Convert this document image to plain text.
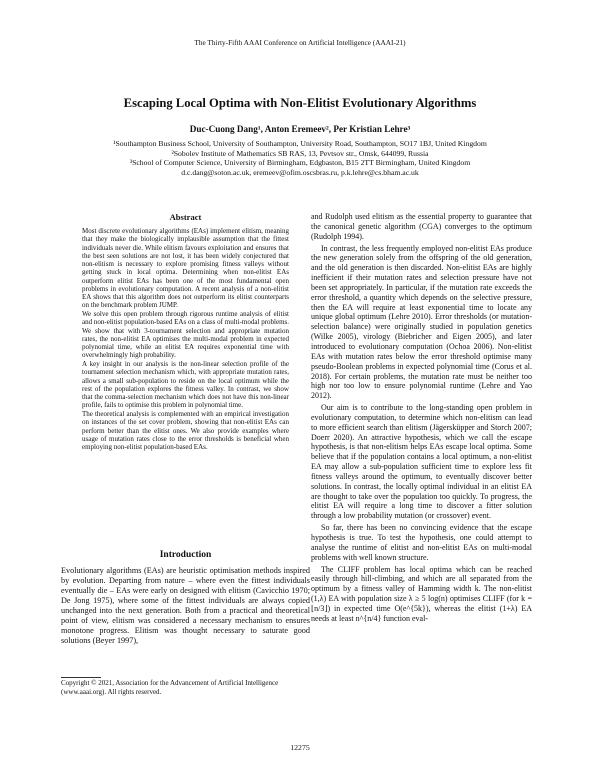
The Thirty-Fifth AAAI Conference on Artificial Intelligence (AAAI-21)
Escaping Local Optima with Non-Elitist Evolutionary Algorithms
Duc-Cuong Dang¹, Anton Eremeev², Per Kristian Lehre³
¹Southampton Business School, University of Southampton, University Road, Southampton, SO17 1BJ, United Kingdom
²Sobolev Institute of Mathematics SB RAS, 13, Pevtsov str., Omsk, 644099, Russia
³School of Computer Science, University of Birmingham, Edgbaston, B15 2TT Birmingham, United Kingdom
d.c.dang@soton.ac.uk, eremeev@ofim.oscsbras.ru, p.k.lehre@cs.bham.ac.uk
Abstract

Most discrete evolutionary algorithms (EAs) implement elitism, meaning that they make the biologically implausible assumption that the fittest individuals never die. While elitism favours exploitation and ensures that the best seen solutions are not lost, it has been widely conjectured that non-elitism is necessary to explore promising fitness valleys without getting stuck in local optima. Determining when non-elitist EAs outperform elitist EAs has been one of the most fundamental open problems in evolutionary computation. A recent analysis of a non-elitist EA shows that this algorithm does not outperform its elitist counterparts on the benchmark problem JUMP.

We solve this open problem through rigorous runtime analysis of elitist and non-elitist population-based EAs on a class of multi-modal problems. We show that with 3-tournament selection and appropriate mutation rates, the non-elitist EA optimises the multi-modal problem in expected polynomial time, while an elitist EA requires exponential time with overwhelmingly high probability.

A key insight in our analysis is the non-linear selection profile of the tournament selection mechanism which, with appropriate mutation rates, allows a small sub-population to reside on the local optimum while the rest of the population explores the fitness valley. In contrast, we show that the comma-selection mechanism which does not have this non-linear profile, fails to optimise this problem in polynomial time.

The theoretical analysis is complemented with an empirical investigation on instances of the set cover problem, showing that non-elitist EAs can perform better than the elitist ones. We also provide examples where usage of mutation rates close to the error thresholds is beneficial when employing non-elitist population-based EAs.

Introduction

Evolutionary algorithms (EAs) are heuristic optimisation methods inspired by evolution. Departing from nature – where even the fittest individuals eventually die – EAs were early on designed with elitism (Cavicchio 1970; De Jong 1975), where some of the fittest individuals are always copied unchanged into the next generation. Both from a practical and theoretical point of view, elitism was considered a necessary mechanism to ensures monotone progress. Elitism was thought necessary to saturate good solutions (Beyer 1997),

Copyright © 2021, Association for the Advancement of Artificial Intelligence (www.aaai.org). All rights reserved.

and Rudolph used elitism as the essential property to guarantee that the canonical genetic algorithm (CGA) converges to the optimum (Rudolph 1994).

In contrast, the less frequently employed non-elitist EAs produce the new generation solely from the offspring of the old generation, and the old generation is then discarded. Non-elitist EAs are highly inefficient if their mutation rates and selection pressure have not been set appropriately. In particular, if the mutation rate exceeds the error threshold, a quantity which depends on the selective pressure, then the EA will require at least exponential time to locate any unique global optimum (Lehre 2010). Error thresholds (or mutation-selection balance) were originally studied in population genetics (Wilke 2005), virology (Biebricher and Eigen 2005), and later introduced to evolutionary computation (Ochoa 2006). Non-elitist EAs with mutation rates below the error threshold optimise many pseudo-Boolean problems in expected polynomial time (Corus et al. 2018). For certain problems, the mutation rate must be neither too high nor too low to ensure polynomial runtime (Lehre and Yao 2012).

Our aim is to contribute to the long-standing open problem in evolutionary computation, to determine which non-elitism can lead to more efficient search than elitism (Jägersküpper and Storch 2007; Doerr 2020). An attractive hypothesis, which we call the escape hypothesis, is that non-elitism helps EAs escape local optima. Some believe that if the population contains a local optimum, a non-elitist EA may allow a sub-population sufficient time to explore less fit fitness valleys around the optimum, to eventually discover better solutions. In contrast, the locally optimal individual in an elitist EA are thought to take over the population too quickly. To progress, the elitist EA will require a long time to discover a fitter solution through a low probability mutation (or crossover) event.

So far, there has been no convincing evidence that the escape hypothesis is true. To test the hypothesis, one could attempt to analyse the runtime of elitist and non-elitist EAs on multi-modal problems with well known structure.

The CLIFF problem has local optima which can be reached easily through hill-climbing, and which are all separated from the optimum by a fitness valley of Hamming width k. The non-elitist (1,λ) EA with population size λ ≥ 5 log(n) optimises CLIFF (for k = ⌊n/3⌋) in expected time O(e^{5k}), whereas the elitist (1+λ) EA needs at least n^{n/4} function eval-

12275
